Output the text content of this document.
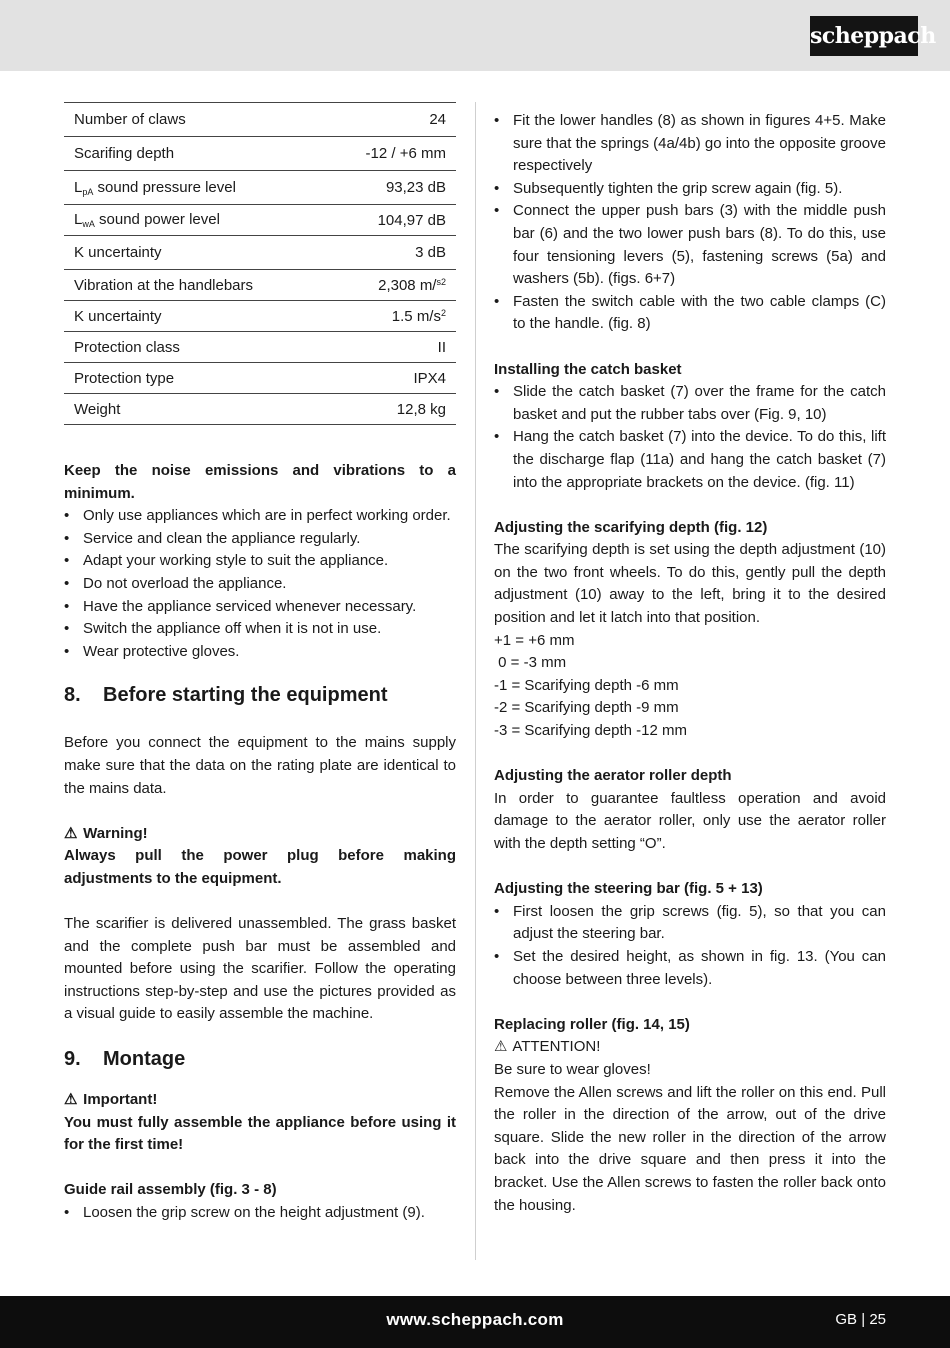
scheppach
Number of claws	24
Scarifing depth	-12 / +6 mm
$L_{pA}$ sound pressure level	93,23 dB
$L_{wA}$ sound power level	104,97 dB
K uncertainty	3 dB
Vibration at the handlebars	2,308 m/$^{s2}$
K uncertainty	1.5 $m/s^2$
Protection class	II
Protection type	IPX4
Weight	12,8 kg
Keep the noise emissions and vibrations to a minimum.
• Only use appliances which are in perfect working order.
• Service and clean the appliance regularly.
• Adapt your working style to suit the appliance.
• Do not overload the appliance.
• Have the appliance serviced whenever necessary.
• Switch the appliance off when it is not in use.
• Wear protective gloves.
8.	Before starting the equipment
Before you connect the equipment to the mains supply make sure that the data on the rating plate are identical to the mains data.
⚠ Warning!
Always pull the power plug before making adjustments to the equipment.
The scarifier is delivered unassembled. The grass basket and the complete push bar must be assembled and mounted before using the scarifier. Follow the operating instructions step-by-step and use the pictures provided as a visual guide to easily assemble the machine.
9.	Montage
⚠ Important!
You must fully assemble the appliance before using it for the first time!
Guide rail assembly (fig. 3 - 8)
• Loosen the grip screw on the height adjustment (9).
• Fit the lower handles (8) as shown in figures 4+5. Make sure that the springs (4a/4b) go into the opposite groove respectively
• Subsequently tighten the grip screw again (fig. 5).
• Connect the upper push bars (3) with the middle push bar (6) and the two lower push bars (8). To do this, use four tensioning levers (5), fastening screws (5a) and washers (5b). (figs. 6+7)
• Fasten the switch cable with the two cable clamps (C) to the handle. (fig. 8)
Installing the catch basket
• Slide the catch basket (7) over the frame for the catch basket and put the rubber tabs over (Fig. 9, 10)
• Hang the catch basket (7) into the device. To do this, lift the discharge flap (11a) and hang the catch basket (7) into the appropriate brackets on the device. (fig. 11)
Adjusting the scarifying depth (fig. 12)
The scarifying depth is set using the depth adjustment (10) on the two front wheels. To do this, gently pull the depth adjustment (10) away to the left, bring it to the desired position and let it latch into that position.
+1 = +6 mm
0 = -3 mm
-1 = Scarifying depth -6 mm
-2 = Scarifying depth -9 mm
-3 = Scarifying depth -12 mm
Adjusting the aerator roller depth
In order to guarantee faultless operation and avoid damage to the aerator roller, only use the aerator roller with the depth setting “O”.
Adjusting the steering bar (fig. 5 + 13)
• First loosen the grip screws (fig. 5), so that you can adjust the steering bar.
• Set the desired height, as shown in fig. 13. (You can choose between three levels).
Replacing roller (fig. 14, 15)
⚠ ATTENTION!
Be sure to wear gloves!
Remove the Allen screws and lift the roller on this end. Pull the roller in the direction of the arrow, out of the drive square. Slide the new roller in the direction of the arrow back into the drive square and then press it into the bracket. Use the Allen screws to fasten the roller back onto the housing.
www.scheppach.com	GB | 25
